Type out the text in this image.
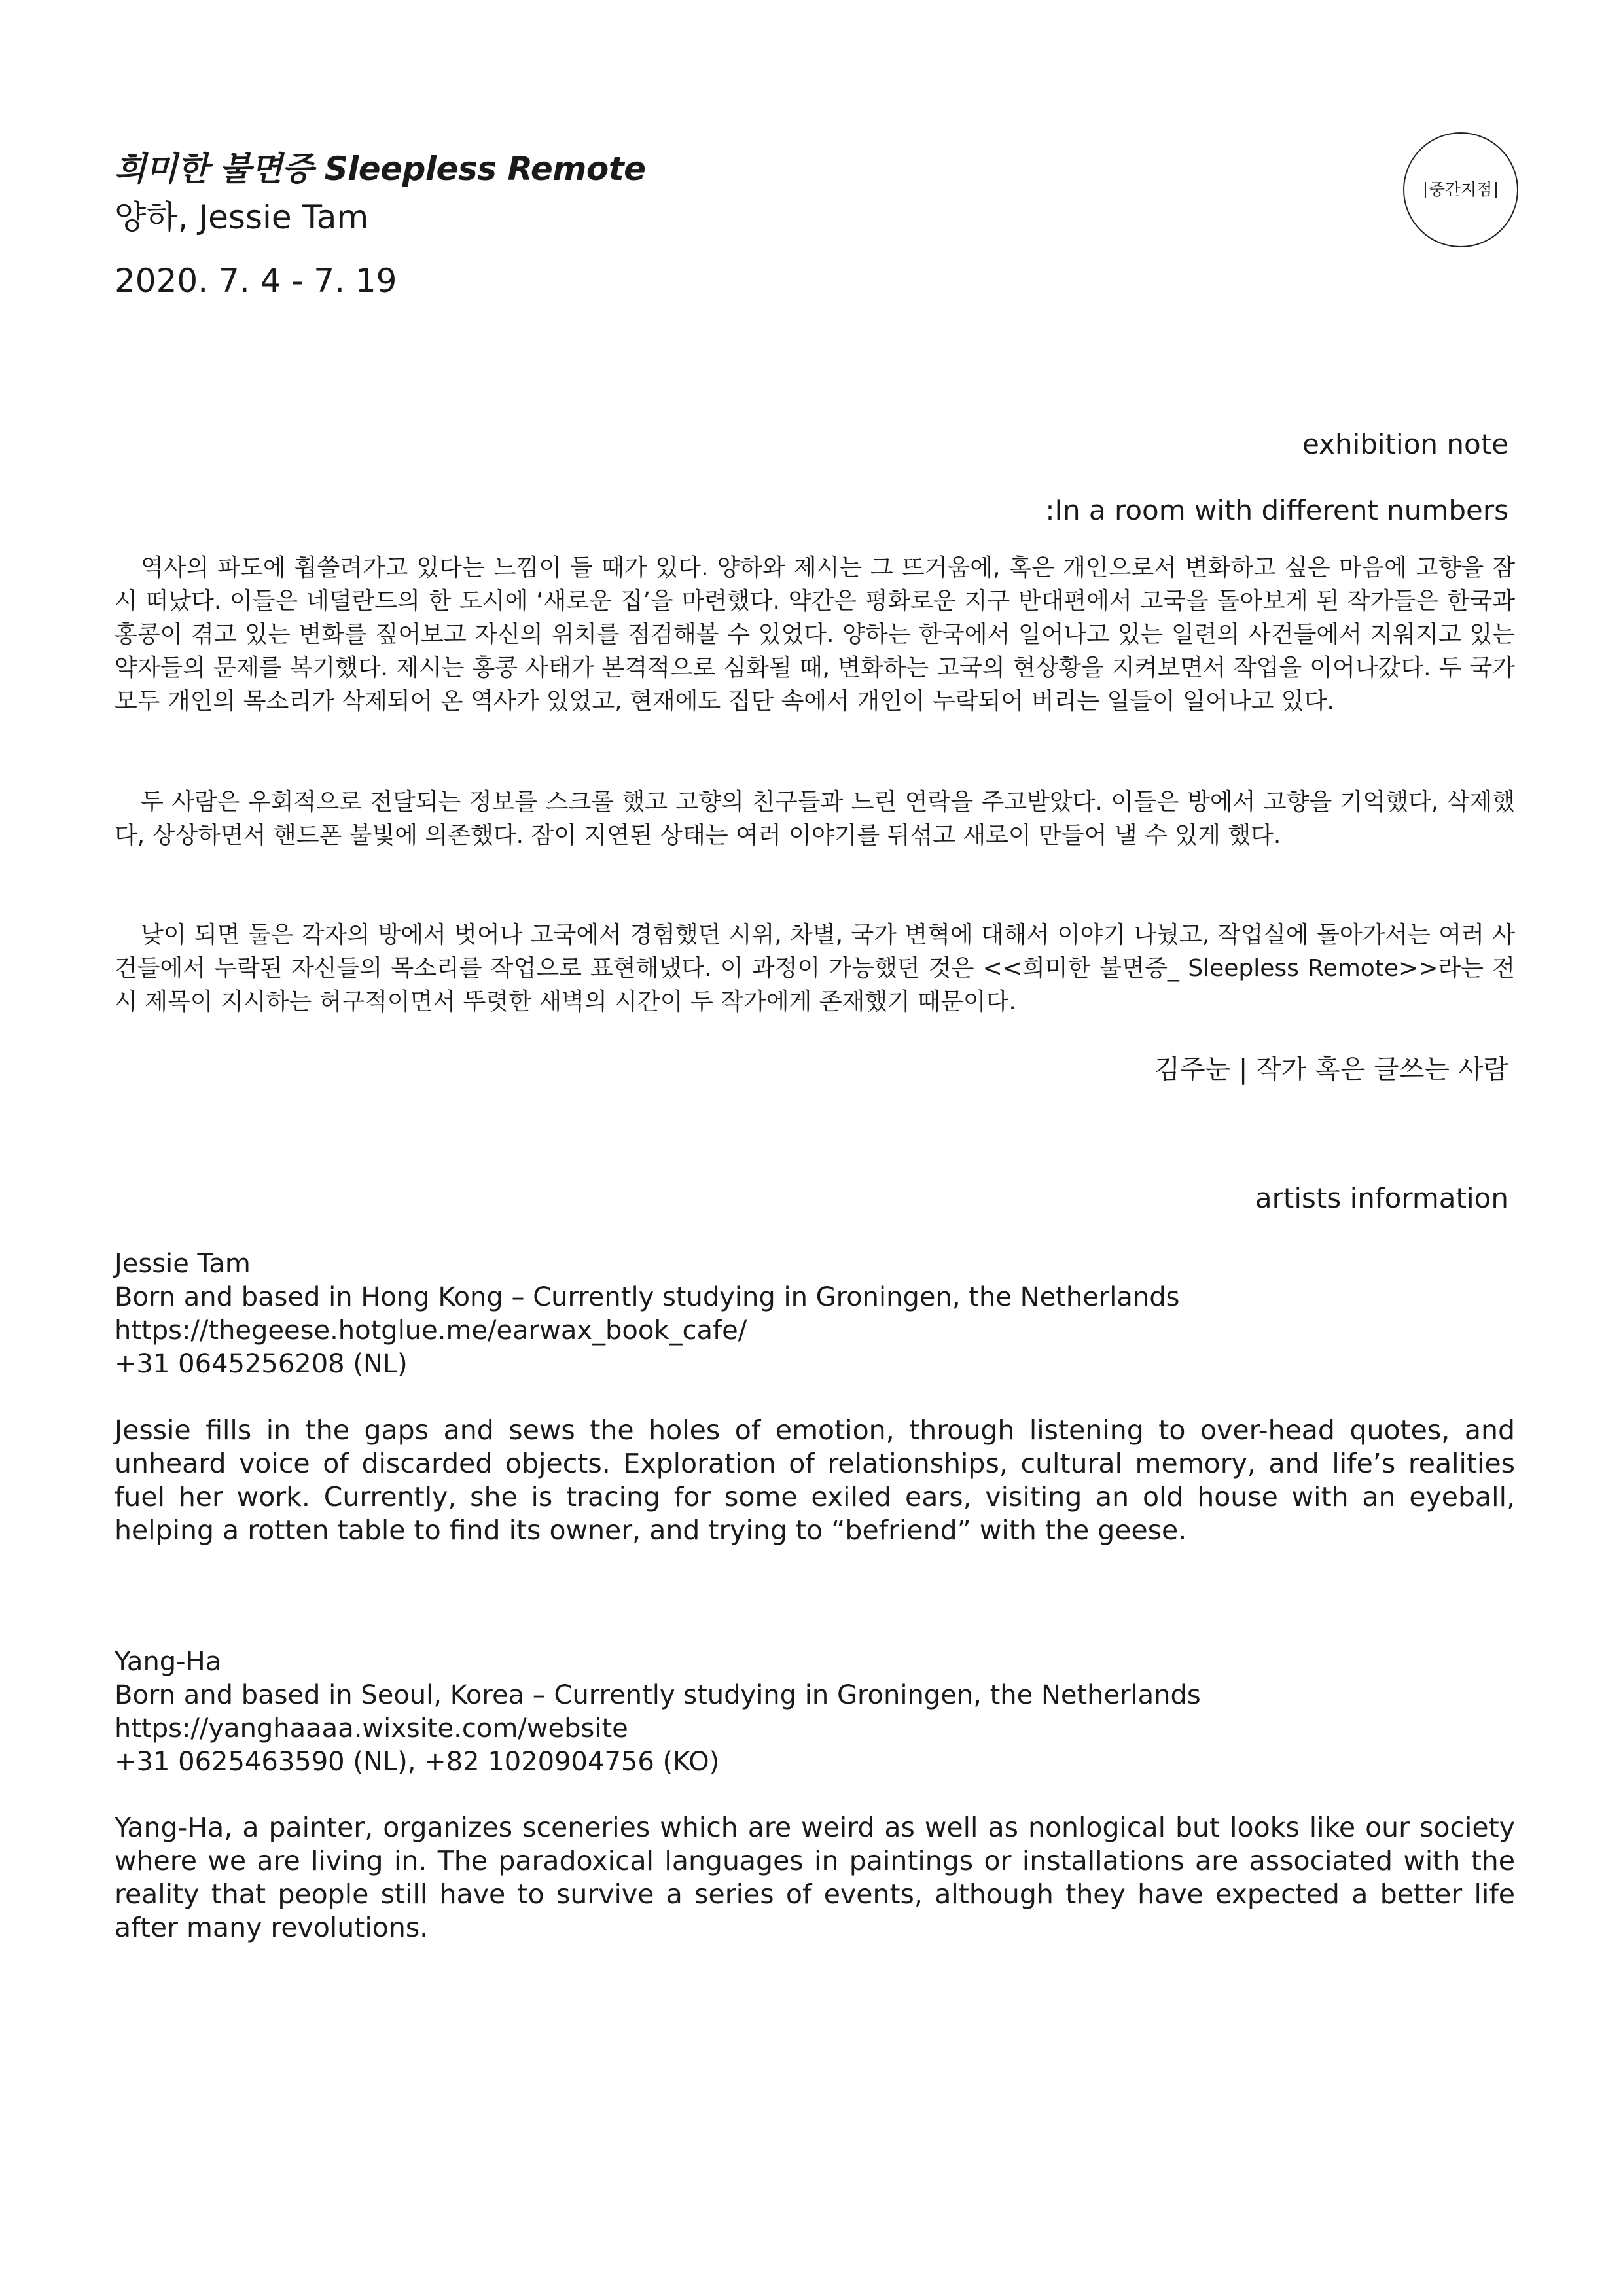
희미한 불면증 Sleepless Remote
양하, Jessie Tam
2020. 7. 4 - 7. 19
중간지점
exhibition note
:In a room with different numbers
역사의 파도에 휩쓸려가고 있다는 느낌이 들 때가 있다. 양하와 제시는 그 뜨거움에, 혹은 개인으로서 변화하고 싶은 마음에 고향을 잠시 떠났다. 이들은 네덜란드의 한 도시에 ‘새로운 집’을 마련했다. 약간은 평화로운 지구 반대편에서 고국을 돌아보게 된 작가들은 한국과 홍콩이 겪고 있는 변화를 짚어보고 자신의 위치를 점검해볼 수 있었다. 양하는 한국에서 일어나고 있는 일련의 사건들에서 지워지고 있는 약자들의 문제를 복기했다. 제시는 홍콩 사태가 본격적으로 심화될 때, 변화하는 고국의 현상황을 지켜보면서 작업을 이어나갔다. 두 국가 모두 개인의 목소리가 삭제되어 온 역사가 있었고, 현재에도 집단 속에서 개인이 누락되어 버리는 일들이 일어나고 있다.
두 사람은 우회적으로 전달되는 정보를 스크롤 했고 고향의 친구들과 느린 연락을 주고받았다. 이들은 방에서 고향을 기억했다, 삭제했다, 상상하면서 핸드폰 불빛에 의존했다. 잠이 지연된 상태는 여러 이야기를 뒤섞고 새로이 만들어 낼 수 있게 했다.
낮이 되면 둘은 각자의 방에서 벗어나 고국에서 경험했던 시위, 차별, 국가 변혁에 대해서 이야기 나눴고, 작업실에 돌아가서는 여러 사건들에서 누락된 자신들의 목소리를 작업으로 표현해냈다. 이 과정이 가능했던 것은 <<희미한 불면증_ Sleepless Remote>>라는 전시 제목이 지시하는 허구적이면서 뚜렷한 새벽의 시간이 두 작가에게 존재했기 때문이다.
김주눈 | 작가 혹은 글쓰는 사람
artists information
Jessie Tam
Born and based in Hong Kong – Currently studying in Groningen, the Netherlands
https://thegeese.hotglue.me/earwax_book_cafe/
+31 0645256208 (NL)
Jessie fills in the gaps and sews the holes of emotion, through listening to over-head quotes, and unheard voice of discarded objects. Exploration of relationships, cultural memory, and life’s realities fuel her work. Currently, she is tracing for some exiled ears, visiting an old house with an eyeball, helping a rotten table to find its owner, and trying to “befriend” with the geese.
Yang-Ha
Born and based in Seoul, Korea – Currently studying in Groningen, the Netherlands
https://yanghaaaa.wixsite.com/website
+31 0625463590 (NL), +82 1020904756 (KO)
Yang-Ha, a painter, organizes sceneries which are weird as well as nonlogical but looks like our society where we are living in. The paradoxical languages in paintings or installations are associated with the reality that people still have to survive a series of events, although they have expected a better life after many revolutions.
